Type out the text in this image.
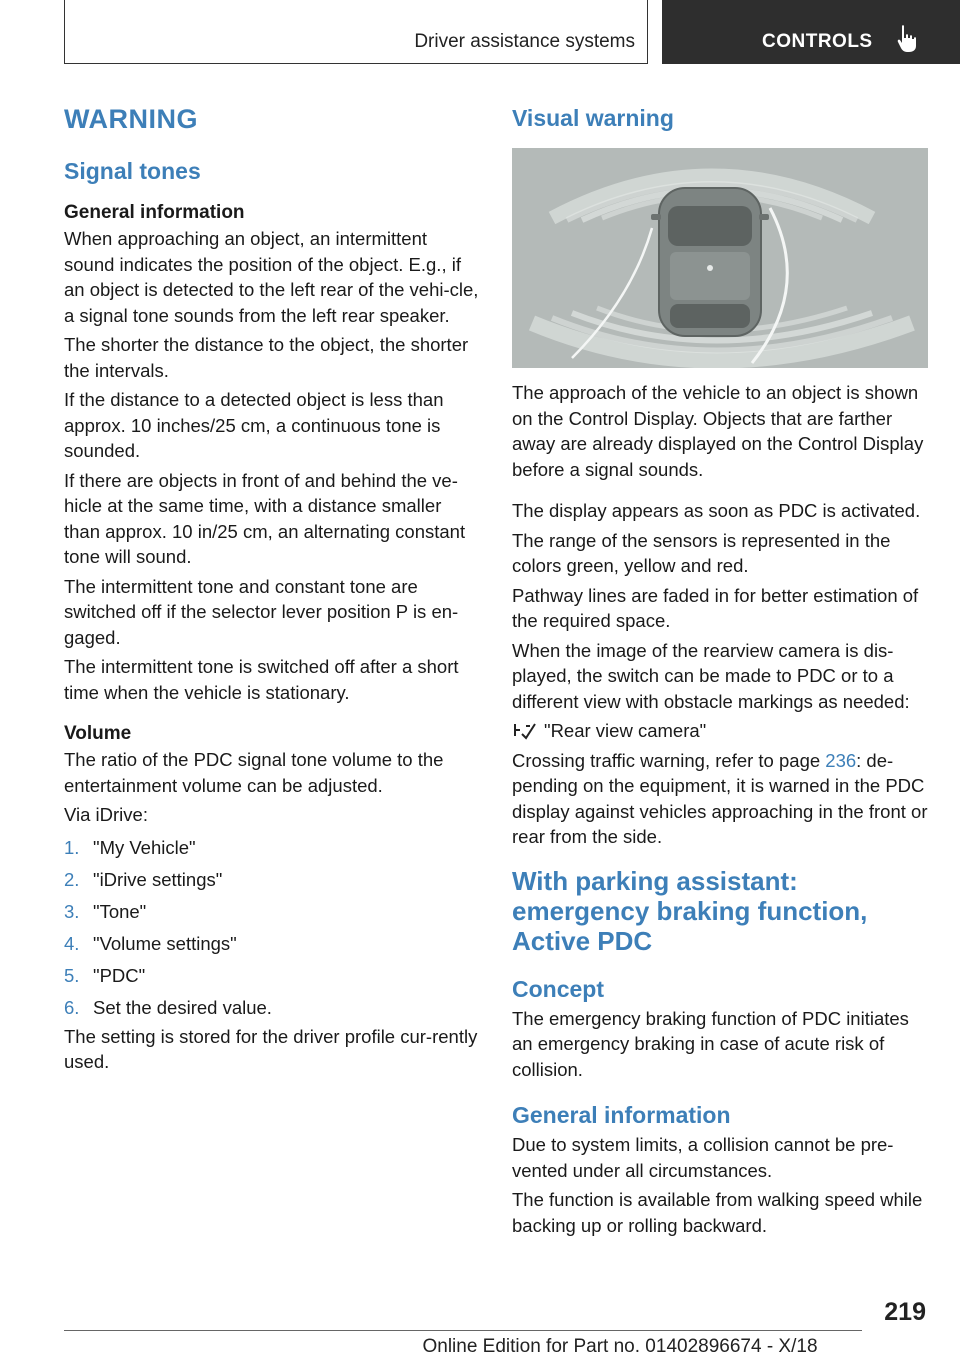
Driver assistance systems	CONTROLS
WARNING
Signal tones
General information

When approaching an object, an intermittent sound indicates the position of the object. E.g., if an object is detected to the left rear of the vehi-cle, a signal tone sounds from the left rear speaker.

The shorter the distance to the object, the shorter the intervals.

If the distance to a detected object is less than approx. 10 inches/25 cm, a continuous tone is sounded.

If there are objects in front of and behind the ve-hicle at the same time, with a distance smaller than approx. 10 in/25 cm, an alternating constant tone will sound.

The intermittent tone and constant tone are switched off if the selector lever position P is en-gaged.

The intermittent tone is switched off after a short time when the vehicle is stationary.

Volume

The ratio of the PDC signal tone volume to the entertainment volume can be adjusted.

Via iDrive:

1. "My Vehicle"
2. "iDrive settings"
3. "Tone"
4. "Volume settings"
5. "PDC"
6. Set the desired value.

The setting is stored for the driver profile cur-rently used.

Visual warning

The approach of the vehicle to an object is shown on the Control Display. Objects that are farther away are already displayed on the Control Display before a signal sounds.

The display appears as soon as PDC is activated.

The range of the sensors is represented in the colors green, yellow and red.

Pathway lines are faded in for better estimation of the required space.

When the image of the rearview camera is dis-played, the switch can be made to PDC or to a different view with obstacle markings as needed:

"Rear view camera"

Crossing traffic warning, refer to page 236: de-pending on the equipment, it is warned in the PDC display against vehicles approaching in the front or rear from the side.

With parking assistant: emergency braking function, Active PDC
Concept

The emergency braking function of PDC initiates an emergency braking in case of acute risk of collision.

General information

Due to system limits, a collision cannot be pre-vented under all circumstances.

The function is available from walking speed while backing up or rolling backward.

219
Online Edition for Part no. 01402896674 - X/18
